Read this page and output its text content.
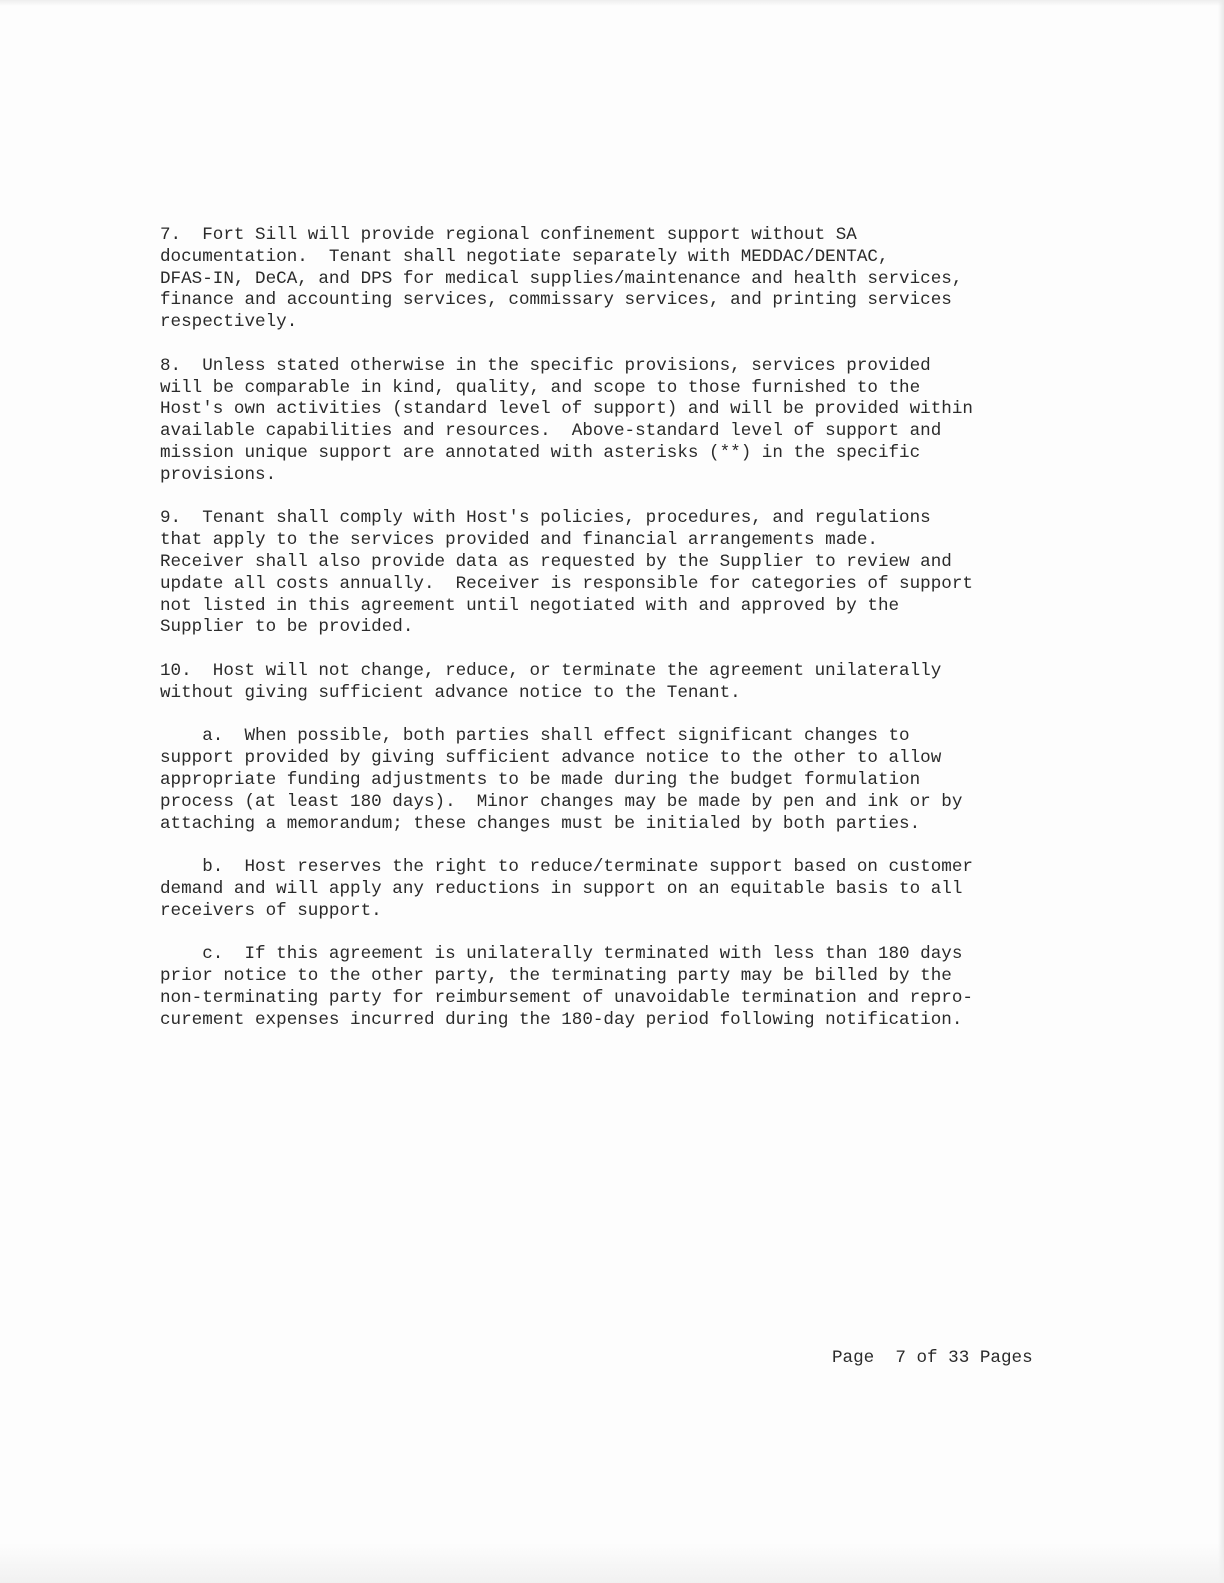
7.  Fort Sill will provide regional confinement support without SA
documentation.  Tenant shall negotiate separately with MEDDAC/DENTAC,
DFAS-IN, DeCA, and DPS for medical supplies/maintenance and health services,
finance and accounting services, commissary services, and printing services
respectively.
8.  Unless stated otherwise in the specific provisions, services provided
will be comparable in kind, quality, and scope to those furnished to the
Host's own activities (standard level of support) and will be provided within
available capabilities and resources.  Above-standard level of support and
mission unique support are annotated with asterisks (**) in the specific
provisions.
9.  Tenant shall comply with Host's policies, procedures, and regulations
that apply to the services provided and financial arrangements made.
Receiver shall also provide data as requested by the Supplier to review and
update all costs annually.  Receiver is responsible for categories of support
not listed in this agreement until negotiated with and approved by the
Supplier to be provided.
10.  Host will not change, reduce, or terminate the agreement unilaterally
without giving sufficient advance notice to the Tenant.
a.  When possible, both parties shall effect significant changes to
support provided by giving sufficient advance notice to the other to allow
appropriate funding adjustments to be made during the budget formulation
process (at least 180 days).  Minor changes may be made by pen and ink or by
attaching a memorandum; these changes must be initialed by both parties.
b.  Host reserves the right to reduce/terminate support based on customer
demand and will apply any reductions in support on an equitable basis to all
receivers of support.
c.  If this agreement is unilaterally terminated with less than 180 days
prior notice to the other party, the terminating party may be billed by the
non-terminating party for reimbursement of unavoidable termination and repro-
curement expenses incurred during the 180-day period following notification.
Page 7 of 33 Pages
